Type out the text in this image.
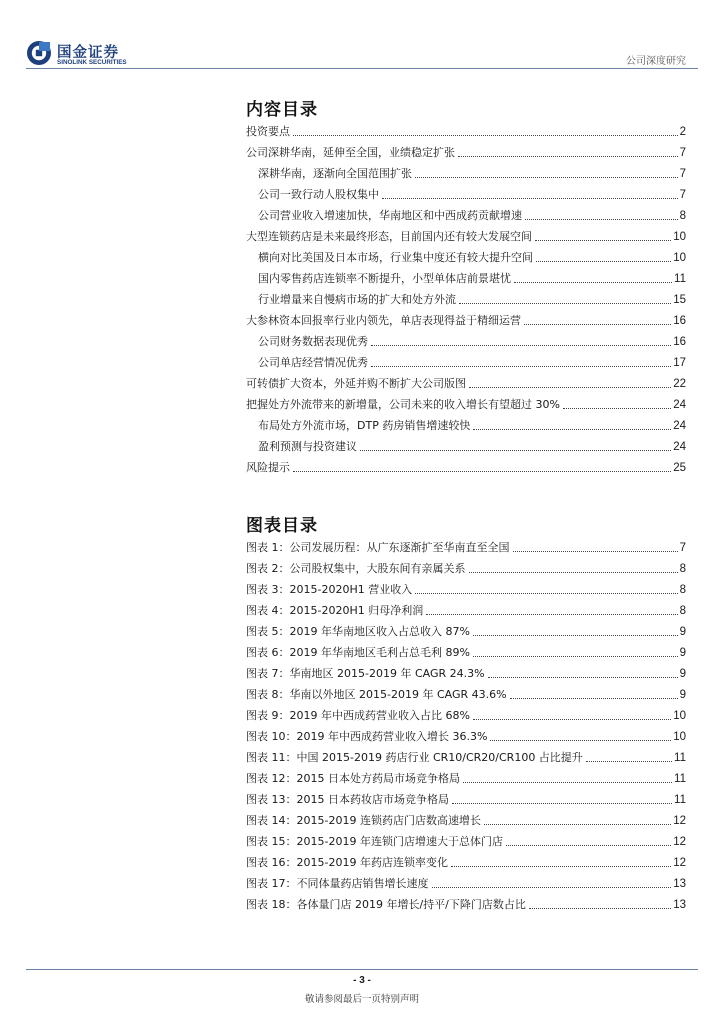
国金证券
SINOLINK SECURITIES	公司深度研究
内容目录
投资要点	2
公司深耕华南，延伸至全国，业绩稳定扩张	7
深耕华南，逐渐向全国范围扩张	7
公司一致行动人股权集中	7
公司营业收入增速加快，华南地区和中西成药贡献增速	8
大型连锁药店是未来最终形态，目前国内还有较大发展空间	10
横向对比美国及日本市场，行业集中度还有较大提升空间	10
国内零售药店连锁率不断提升，小型单体店前景堪忧	11
行业增量来自慢病市场的扩大和处方外流	15
大参林资本回报率行业内领先，单店表现得益于精细运营	16
公司财务数据表现优秀	16
公司单店经营情况优秀	17
可转债扩大资本，外延并购不断扩大公司版图	22
把握处方外流带来的新增量，公司未来的收入增长有望超过 30%	24
布局处方外流市场，DTP 药房销售增速较快	24
盈利预测与投资建议	24
风险提示	25
图表目录
图表 1：公司发展历程：从广东逐渐扩至华南直至全国	7
图表 2：公司股权集中，大股东间有亲属关系	8
图表 3：2015-2020H1 营业收入	8
图表 4：2015-2020H1 归母净利润	8
图表 5：2019 年华南地区收入占总收入 87%	9
图表 6：2019 年华南地区毛利占总毛利 89%	9
图表 7：华南地区 2015-2019 年 CAGR 24.3%	9
图表 8：华南以外地区 2015-2019 年 CAGR 43.6%	9
图表 9：2019 年中西成药营业收入占比 68%	10
图表 10：2019 年中西成药营业收入增长 36.3%	10
图表 11：中国 2015-2019 药店行业 CR10/CR20/CR100 占比提升	11
图表 12：2015 日本处方药局市场竞争格局	11
图表 13：2015 日本药妆店市场竞争格局	11
图表 14：2015-2019 连锁药店门店数高速增长	12
图表 15：2015-2019 年连锁门店增速大于总体门店	12
图表 16：2015-2019 年药店连锁率变化	12
图表 17：不同体量药店销售增长速度	13
图表 18：各体量门店 2019 年增长/持平/下降门店数占比	13
- 3 -
敬请参阅最后一页特别声明
